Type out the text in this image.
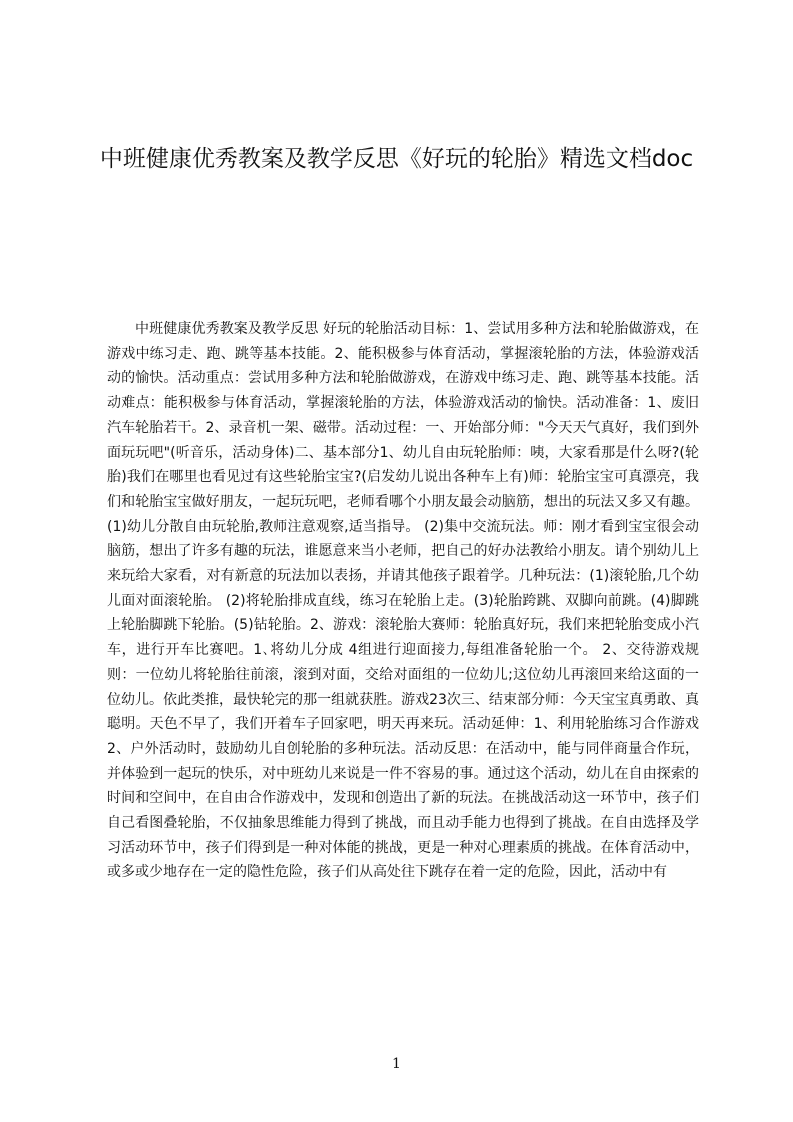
中班健康优秀教案及教学反思《好玩的轮胎》精选文档doc

中班健康优秀教案及教学反思 好玩的轮胎活动目标：1、尝试用多种方法和轮胎做游戏，在游戏中练习走、跑、跳等基本技能。2、能积极参与体育活动，掌握滚轮胎的方法，体验游戏活动的愉快。活动重点：尝试用多种方法和轮胎做游戏，在游戏中练习走、跑、跳等基本技能。活动难点：能积极参与体育活动，掌握滚轮胎的方法，体验游戏活动的愉快。活动准备：1、废旧汽车轮胎若干。2、录音机一架、磁带。活动过程：一、开始部分师："今天天气真好，我们到外面玩玩吧"(听音乐，活动身体)二、基本部分1、幼儿自由玩轮胎师：咦，大家看那是什么呀?(轮胎)我们在哪里也看见过有这些轮胎宝宝?(启发幼儿说出各种车上有)师：轮胎宝宝可真漂亮，我们和轮胎宝宝做好朋友，一起玩玩吧，老师看哪个小朋友最会动脑筋，想出的玩法又多又有趣。(1)幼儿分散自由玩轮胎,教师注意观察,适当指导。 (2)集中交流玩法。师：刚才看到宝宝很会动脑筋，想出了许多有趣的玩法，谁愿意来当小老师，把自己的好办法教给小朋友。请个别幼儿上来玩给大家看，对有新意的玩法加以表扬，并请其他孩子跟着学。几种玩法：(1)滚轮胎,几个幼儿面对面滚轮胎。 (2)将轮胎排成直线，练习在轮胎上走。(3)轮胎跨跳、双脚向前跳。(4)脚跳上轮胎脚跳下轮胎。(5)钻轮胎。2、游戏：滚轮胎大赛师：轮胎真好玩，我们来把轮胎变成小汽车，进行开车比赛吧。1､将幼儿分成 4组进行迎面接力,每组准备轮胎一个。 2、交待游戏规则：一位幼儿将轮胎往前滚，滚到对面，交给对面组的一位幼儿;这位幼儿再滚回来给这面的一位幼儿。依此类推，最快轮完的那一组就获胜。游戏23次三、结束部分师：今天宝宝真勇敢、真聪明。天色不早了，我们开着车子回家吧，明天再来玩。活动延伸：1、利用轮胎练习合作游戏2、户外活动时，鼓励幼儿自创轮胎的多种玩法。活动反思：在活动中，能与同伴商量合作玩，并体验到一起玩的快乐，对中班幼儿来说是一件不容易的事。通过这个活动，幼儿在自由探索的时间和空间中，在自由合作游戏中，发现和创造出了新的玩法。在挑战活动这一环节中，孩子们自己看图叠轮胎，不仅抽象思维能力得到了挑战，而且动手能力也得到了挑战。在自由选择及学习活动环节中，孩子们得到是一种对体能的挑战，更是一种对心理素质的挑战。在体育活动中，或多或少地存在一定的隐性危险，孩子们从高处往下跳存在着一定的危险，因此，活动中有

1
